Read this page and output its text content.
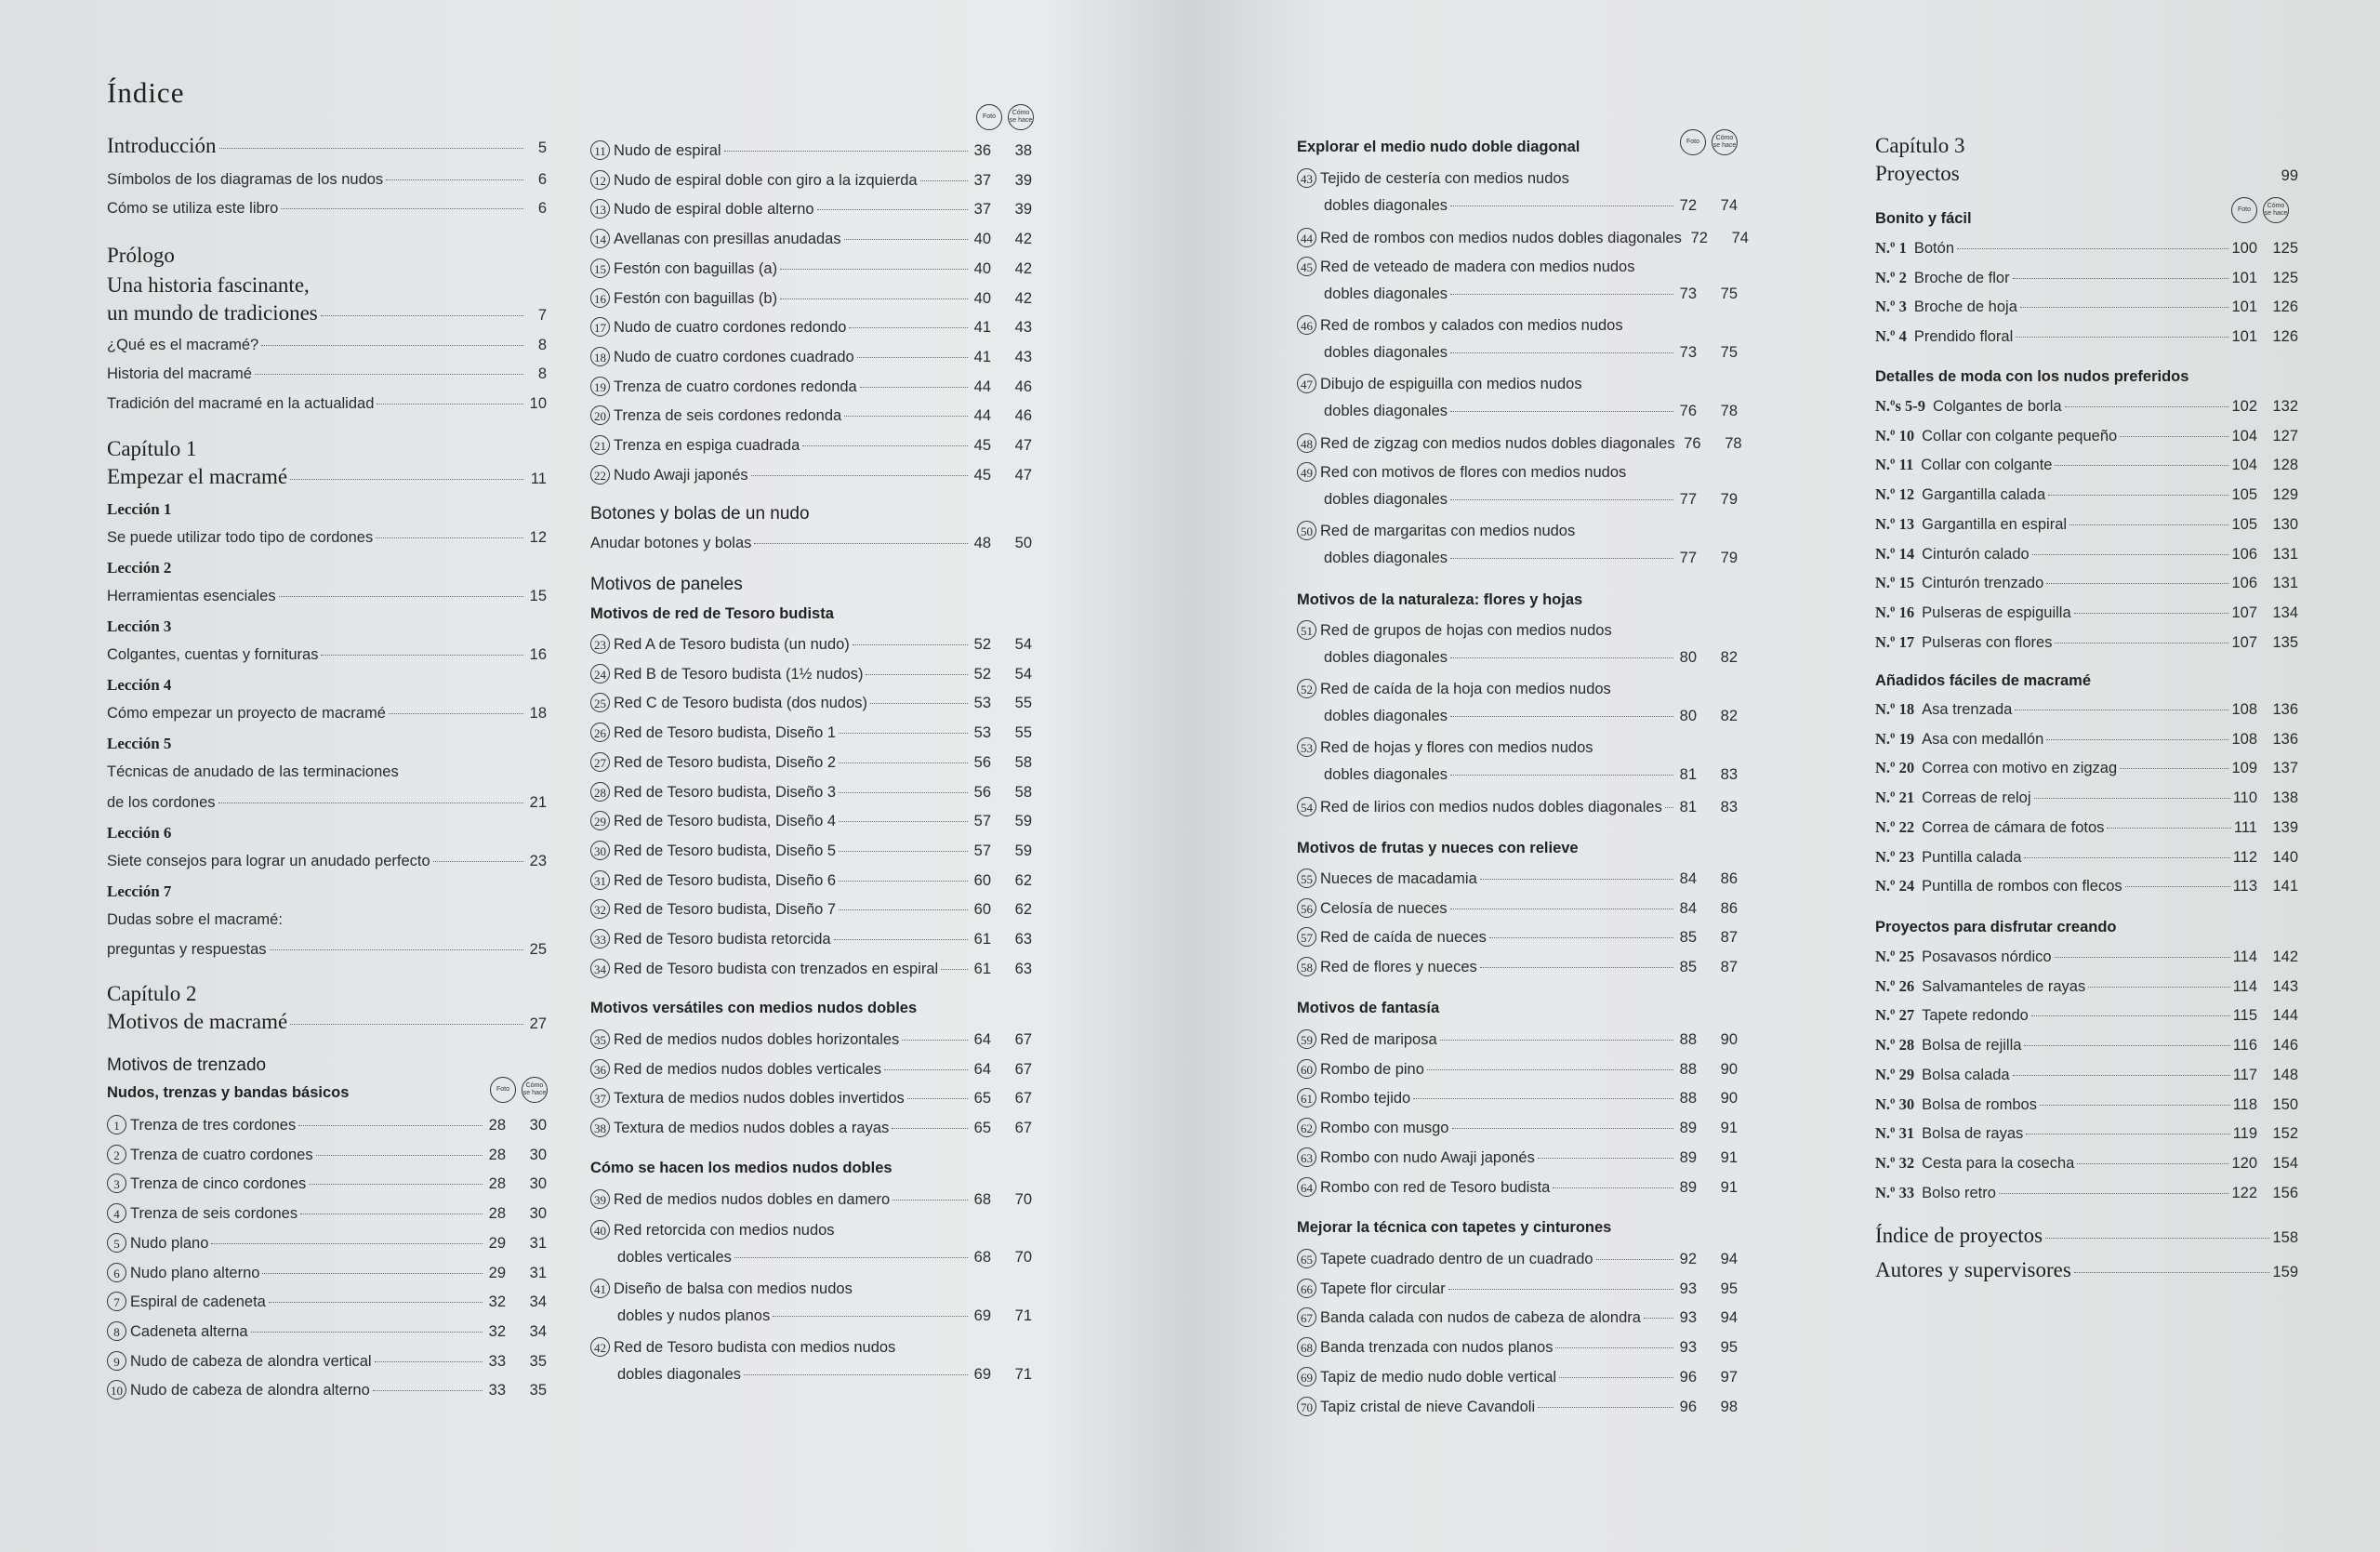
Índice
Introducción	5
Símbolos de los diagramas de los nudos	6
Cómo se utiliza este libro	6
Prólogo
Una historia fascinante,
un mundo de tradiciones	7
¿Qué es el macramé?	8
Historia del macramé	8
Tradición del macramé en la actualidad	10
Capítulo 1
Empezar el macramé	11
Lección 1
Se puede utilizar todo tipo de cordones	12
Lección 2
Herramientas esenciales	15
Lección 3
Colgantes, cuentas y fornituras	16
Lección 4
Cómo empezar un proyecto de macramé	18
Lección 5
Técnicas de anudado de las terminaciones
de los cordones	21
Lección 6
Siete consejos para lograr un anudado perfecto	23
Lección 7
Dudas sobre el macramé:
preguntas y respuestas	25
Capítulo 2
Motivos de macramé	27
Motivos de trenzado
Nudos, trenzas y bandas básicos	Foto
Cómo se hace
1 Trenza de tres cordones	28	30
2 Trenza de cuatro cordones	28	30
3 Trenza de cinco cordones	28	30
4 Trenza de seis cordones	28	30
5 Nudo plano	29	31
6 Nudo plano alterno	29	31
7 Espiral de cadeneta	32	34
8 Cadeneta alterna	32	34
9 Nudo de cabeza de alondra vertical	33	35
10 Nudo de cabeza de alondra alterno	33	35
Foto
Cómo se hace
11 Nudo de espiral	36	38
12 Nudo de espiral doble con giro a la izquierda	37	39
13 Nudo de espiral doble alterno	37	39
14 Avellanas con presillas anudadas	40	42
15 Festón con baguillas (a)	40	42
16 Festón con baguillas (b)	40	42
17 Nudo de cuatro cordones redondo	41	43
18 Nudo de cuatro cordones cuadrado	41	43
19 Trenza de cuatro cordones redonda	44	46
20 Trenza de seis cordones redonda	44	46
21 Trenza en espiga cuadrada	45	47
22 Nudo Awaji japonés	45	47
Botones y bolas de un nudo
Anudar botones y bolas	48	50
Motivos de paneles
Motivos de red de Tesoro budista
23 Red A de Tesoro budista (un nudo)	52	54
24 Red B de Tesoro budista (1½ nudos)	52	54
25 Red C de Tesoro budista (dos nudos)	53	55
26 Red de Tesoro budista, Diseño 1	53	55
27 Red de Tesoro budista, Diseño 2	56	58
28 Red de Tesoro budista, Diseño 3	56	58
29 Red de Tesoro budista, Diseño 4	57	59
30 Red de Tesoro budista, Diseño 5	57	59
31 Red de Tesoro budista, Diseño 6	60	62
32 Red de Tesoro budista, Diseño 7	60	62
33 Red de Tesoro budista retorcida	61	63
34 Red de Tesoro budista con trenzados en espiral 61	63
Motivos versátiles con medios nudos dobles
35 Red de medios nudos dobles horizontales	64	67
36 Red de medios nudos dobles verticales	64	67
37 Textura de medios nudos dobles invertidos	65	67
38 Textura de medios nudos dobles a rayas	65	67
Cómo se hacen los medios nudos dobles
39 Red de medios nudos dobles en damero	68	70
40 Red retorcida con medios nudos
dobles verticales	68	70
41 Diseño de balsa con medios nudos
dobles y nudos planos	69	71
42 Red de Tesoro budista con medios nudos
dobles diagonales	69	71
Explorar el medio nudo doble diagonal	Foto
Cómo se hace
43 Tejido de cestería con medios nudos
dobles diagonales	72	74
44 Red de rombos con medios nudos dobles diagonales 72	74
45 Red de veteado de madera con medios nudos
dobles diagonales	73	75
46 Red de rombos y calados con medios nudos
dobles diagonales	73	75
47 Dibujo de espiguilla con medios nudos
dobles diagonales	76	78
48 Red de zigzag con medios nudos dobles diagonales 76	78
49 Red con motivos de flores con medios nudos
dobles diagonales	77	79
50 Red de margaritas con medios nudos
dobles diagonales	77	79
Motivos de la naturaleza: flores y hojas
51 Red de grupos de hojas con medios nudos
dobles diagonales	80	82
52 Red de caída de la hoja con medios nudos
dobles diagonales	80	82
53 Red de hojas y flores con medios nudos
dobles diagonales	81	83
54 Red de lirios con medios nudos dobles diagonales 81	83
Motivos de frutas y nueces con relieve
55 Nueces de macadamia	84	86
56 Celosía de nueces	84	86
57 Red de caída de nueces	85	87
58 Red de flores y nueces	85	87
Motivos de fantasía
59 Red de mariposa	88	90
60 Rombo de pino	88	90
61 Rombo tejido	88	90
62 Rombo con musgo	89	91
63 Rombo con nudo Awaji japonés	89	91
64 Rombo con red de Tesoro budista	89	91
Mejorar la técnica con tapetes y cinturones
65 Tapete cuadrado dentro de un cuadrado	92	94
66 Tapete flor circular	93	95
67 Banda calada con nudos de cabeza de alondra	93	94
68 Banda trenzada con nudos planos	93	95
69 Tapiz de medio nudo doble vertical	96	97
70 Tapiz cristal de nieve Cavandoli	96	98
Capítulo 3
Proyectos	99
Bonito y fácil
Foto
Cómo se hace
N.º 1 Botón	100 125
N.º 2 Broche de flor	101 125
N.º 3 Broche de hoja	101 126
N.º 4 Prendido floral	101 126
Detalles de moda con los nudos preferidos
N.ºs 5-9 Colgantes de borla	102 132
N.º 10 Collar con colgante pequeño	104 127
N.º 11 Collar con colgante	104 128
N.º 12 Gargantilla calada	105 129
N.º 13 Gargantilla en espiral	105 130
N.º 14 Cinturón calado	106 131
N.º 15 Cinturón trenzado	106 131
N.º 16 Pulseras de espiguilla	107 134
N.º 17 Pulseras con flores	107 135
Añadidos fáciles de macramé
N.º 18 Asa trenzada	108 136
N.º 19 Asa con medallón	108 136
N.º 20 Correa con motivo en zigzag	109 137
N.º 21 Correas de reloj	110 138
N.º 22 Correa de cámara de fotos	111 139
N.º 23 Puntilla calada	112 140
N.º 24 Puntilla de rombos con flecos	113 141
Proyectos para disfrutar creando
N.º 25 Posavasos nórdico	114 142
N.º 26 Salvamanteles de rayas	114 143
N.º 27 Tapete redondo	115 144
N.º 28 Bolsa de rejilla	116 146
N.º 29 Bolsa calada	117 148
N.º 30 Bolsa de rombos	118 150
N.º 31 Bolsa de rayas	119 152
N.º 32 Cesta para la cosecha	120 154
N.º 33 Bolso retro	122 156
Índice de proyectos	158
Autores y supervisores	159
